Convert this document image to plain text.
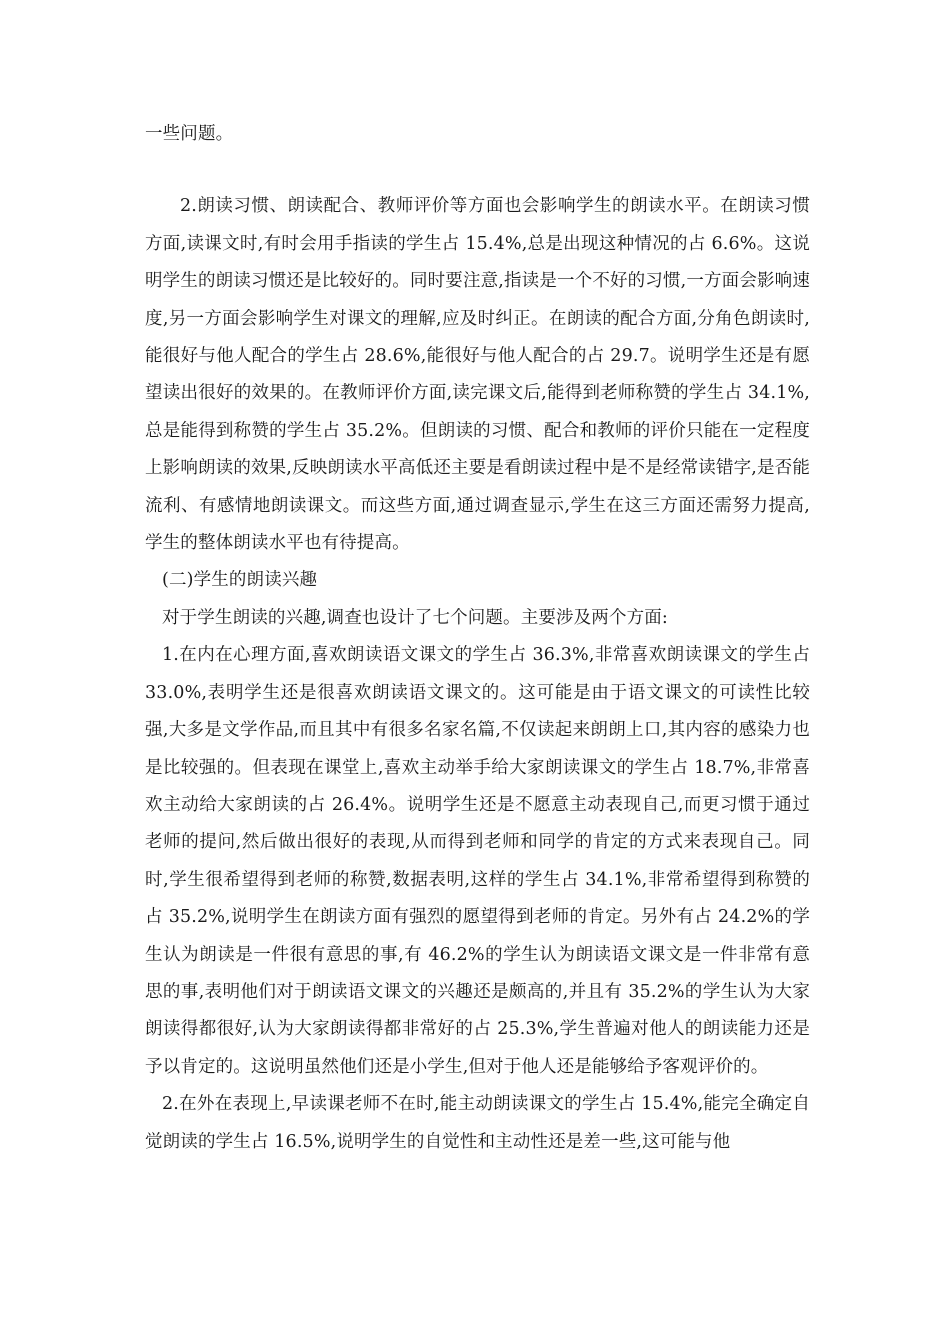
一些问题。

2.朗读习惯、朗读配合、教师评价等方面也会影响学生的朗读水平。在朗读习惯方面,读课文时,有时会用手指读的学生占 15.4%,总是出现这种情况的占 6.6%。这说明学生的朗读习惯还是比较好的。同时要注意,指读是一个不好的习惯,一方面会影响速度,另一方面会影响学生对课文的理解,应及时纠正。在朗读的配合方面,分角色朗读时,能很好与他人配合的学生占 28.6%,能很好与他人配合的占 29.7。说明学生还是有愿望读出很好的效果的。在教师评价方面,读完课文后,能得到老师称赞的学生占 34.1%,总是能得到称赞的学生占 35.2%。但朗读的习惯、配合和教师的评价只能在一定程度上影响朗读的效果,反映朗读水平高低还主要是看朗读过程中是不是经常读错字,是否能流利、有感情地朗读课文。而这些方面,通过调查显示,学生在这三方面还需努力提高,学生的整体朗读水平也有待提高。

(二)学生的朗读兴趣

对于学生朗读的兴趣,调查也设计了七个问题。主要涉及两个方面:

1.在内在心理方面,喜欢朗读语文课文的学生占 36.3%,非常喜欢朗读课文的学生占 33.0%,表明学生还是很喜欢朗读语文课文的。这可能是由于语文课文的可读性比较强,大多是文学作品,而且其中有很多名家名篇,不仅读起来朗朗上口,其内容的感染力也是比较强的。但表现在课堂上,喜欢主动举手给大家朗读课文的学生占 18.7%,非常喜欢主动给大家朗读的占 26.4%。说明学生还是不愿意主动表现自己,而更习惯于通过老师的提问,然后做出很好的表现,从而得到老师和同学的肯定的方式来表现自己。同时,学生很希望得到老师的称赞,数据表明,这样的学生占 34.1%,非常希望得到称赞的占 35.2%,说明学生在朗读方面有强烈的愿望得到老师的肯定。另外有占 24.2%的学生认为朗读是一件很有意思的事,有 46.2%的学生认为朗读语文课文是一件非常有意思的事,表明他们对于朗读语文课文的兴趣还是颇高的,并且有 35.2%的学生认为大家朗读得都很好,认为大家朗读得都非常好的占 25.3%,学生普遍对他人的朗读能力还是予以肯定的。这说明虽然他们还是小学生,但对于他人还是能够给予客观评价的。

2.在外在表现上,早读课老师不在时,能主动朗读课文的学生占 15.4%,能完全确定自觉朗读的学生占 16.5%,说明学生的自觉性和主动性还是差一些,这可能与他
